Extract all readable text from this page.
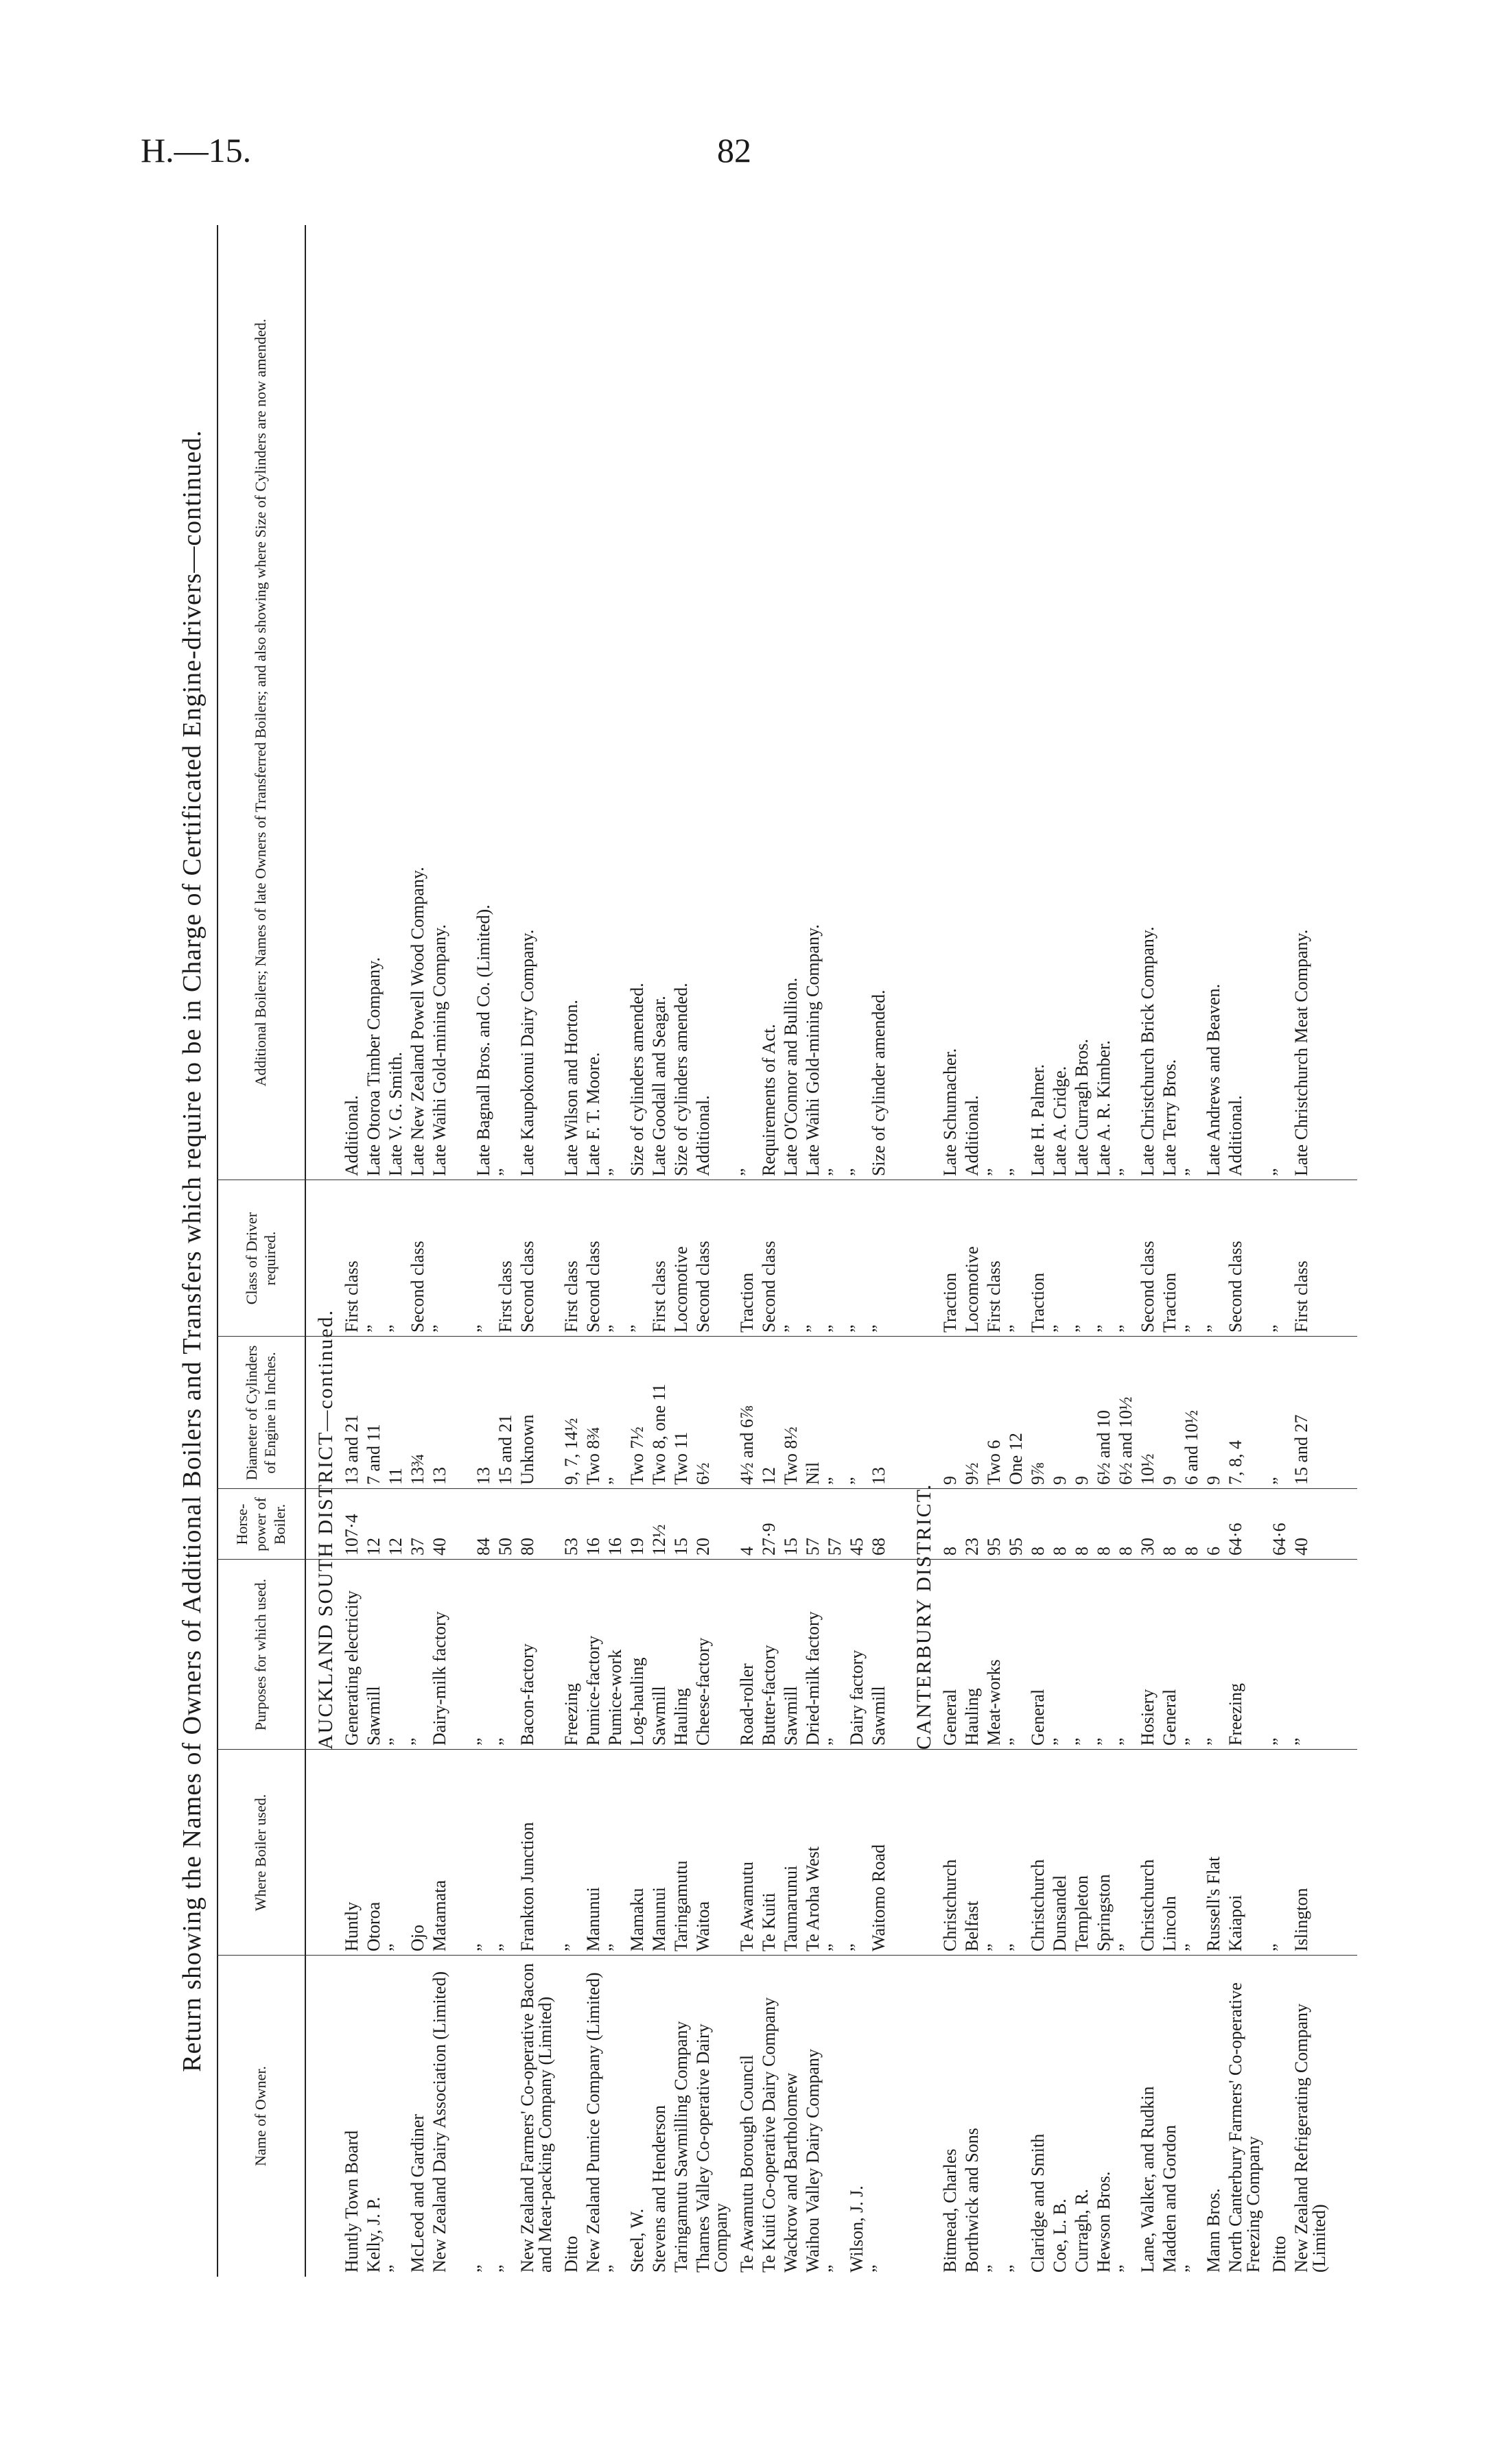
H.—15.	82
Return showing the Names of Owners of Additional Boilers and Transfers which require to be in Charge of Certificated Engine-drivers—continued.
Name of Owner.
Where Boiler used.
Purposes for which used.
Horse-power of Boiler.
Diameter of Cylinders of Engine in Inches.
Class of Driver required.
Additional Boilers; Names of late Owners of Transferred Boilers; and also showing where Size of Cylinders are now amended.
AUCKLAND SOUTH DISTRICT—continued.
Huntly Town Board
Huntly
Generating electricity
107·4
13 and 21
First class
Additional.
Kelly, J. P.
Otoroa
Sawmill
12
7 and 11
”
Late Otoroa Timber Company.
”
”
”
12
11
”
Late V. G. Smith.
McLeod and Gardiner
Ojo
”
37
13¾
Second class
Late New Zealand Powell Wood Company.
New Zealand Dairy Association (Limited)
Matamata
Dairy-milk factory
40
13
”
Late Waihi Gold-mining Company.
”
”
”
84
13
”
Late Bagnall Bros. and Co. (Limited).
”
”
”
50
15 and 21
First class
”
New Zealand Farmers' Co-operative Bacon and Meat-packing Company (Limited)
Frankton Junction
Bacon-factory
80
Unknown
Second class
Late Kaupokonui Dairy Company.
Ditto
”
Freezing
53
9, 7, 14½
First class
Late Wilson and Horton.
New Zealand Pumice Company (Limited)
Manunui
Pumice-factory
16
Two 8¾
Second class
Late F. T. Moore.
”
”
Pumice-work
16
”
”
”
Steel, W.
Mamaku
Log-hauling
19
Two 7½
”
Size of cylinders amended.
Stevens and Henderson
Manunui
Sawmill
12½
Two 8, one 11
First class
Late Goodall and Seagar.
Taringamutu Sawmilling Company
Taringamutu
Hauling
15
Two 11
Locomotive
Size of cylinders amended.
Thames Valley Co-operative Dairy Company
Waitoa
Cheese-factory
20
6½
Second class
Additional.
Te Awamutu Borough Council
Te Awamutu
Road-roller
4
4½ and 6⅞
Traction
”
Te Kuiti Co-operative Dairy Company
Te Kuiti
Butter-factory
27·9
12
Second class
Requirements of Act.
Wackrow and Bartholomew
Taumarunui
Sawmill
15
Two 8½
”
Late O'Connor and Bullion.
Waihou Valley Dairy Company
Te Aroha West
Dried-milk factory
57
Nil
”
Late Waihi Gold-mining Company.
”
”
”
57
”
”
”
Wilson, J. J.
”
Dairy factory
45
”
”
”
”
Waitomo Road
Sawmill
68
13
”
Size of cylinder amended.
CANTERBURY DISTRICT.
Bitmead, Charles
Christchurch
General
8
9
Traction
Late Schumacher.
Borthwick and Sons
Belfast
Hauling
23
9½
Locomotive
Additional.
”
”
Meat-works
95
Two 6
First class
”
”
”
”
95
One 12
”
”
Claridge and Smith
Christchurch
General
8
9⅞
Traction
Late H. Palmer.
Coe, L. B.
Dunsandel
”
8
9
”
Late A. Cridge.
Curragh, R.
Templeton
”
8
9
”
Late Curragh Bros.
Hewson Bros.
Springston
”
8
6½ and 10
”
Late A. R. Kimber.
”
”
”
8
6½ and 10½
”
”
Lane, Walker, and Rudkin
Christchurch
Hosiery
30
10½
Second class
Late Christchurch Brick Company.
Madden and Gordon
Lincoln
General
8
9
Traction
Late Terry Bros.
”
”
”
8
6 and 10½
”
”
Mann Bros.
Russell's Flat
”
6
9
”
Late Andrews and Beaven.
North Canterbury Farmers' Co-operative Freezing Company
Kaiapoi
Freezing
64·6
7, 8, 4
Second class
Additional.
Ditto
”
”
64·6
”
”
”
New Zealand Refrigerating Company (Limited)
Islington
”
40
15 and 27
First class
Late Christchurch Meat Company.
